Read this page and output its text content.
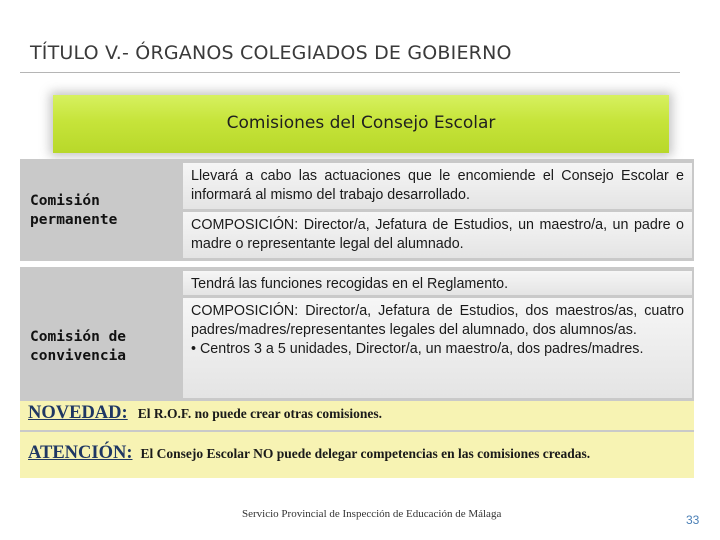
TÍTULO V.- ÓRGANOS COLEGIADOS DE GOBIERNO
Comisiones del Consejo Escolar
Comisión
permanente
Llevará a cabo las actuaciones que le encomiende el Consejo Escolar e informará al mismo del trabajo desarrollado.
COMPOSICIÓN: Director/a, Jefatura de Estudios, un maestro/a, un padre o madre o representante legal del alumnado.
Comisión de
convivencia
Tendrá las funciones recogidas en el Reglamento.
COMPOSICIÓN: Director/a, Jefatura de Estudios, dos maestros/as, cuatro padres/madres/representantes legales del alumnado, dos alumnos/as.
• Centros 3 a 5 unidades, Director/a, un maestro/a, dos padres/madres.
NOVEDAD: El R.O.F. no puede crear otras comisiones.
ATENCIÓN: El Consejo Escolar NO puede delegar competencias en las comisiones creadas.
Servicio Provincial de Inspección de Educación de Málaga	33
